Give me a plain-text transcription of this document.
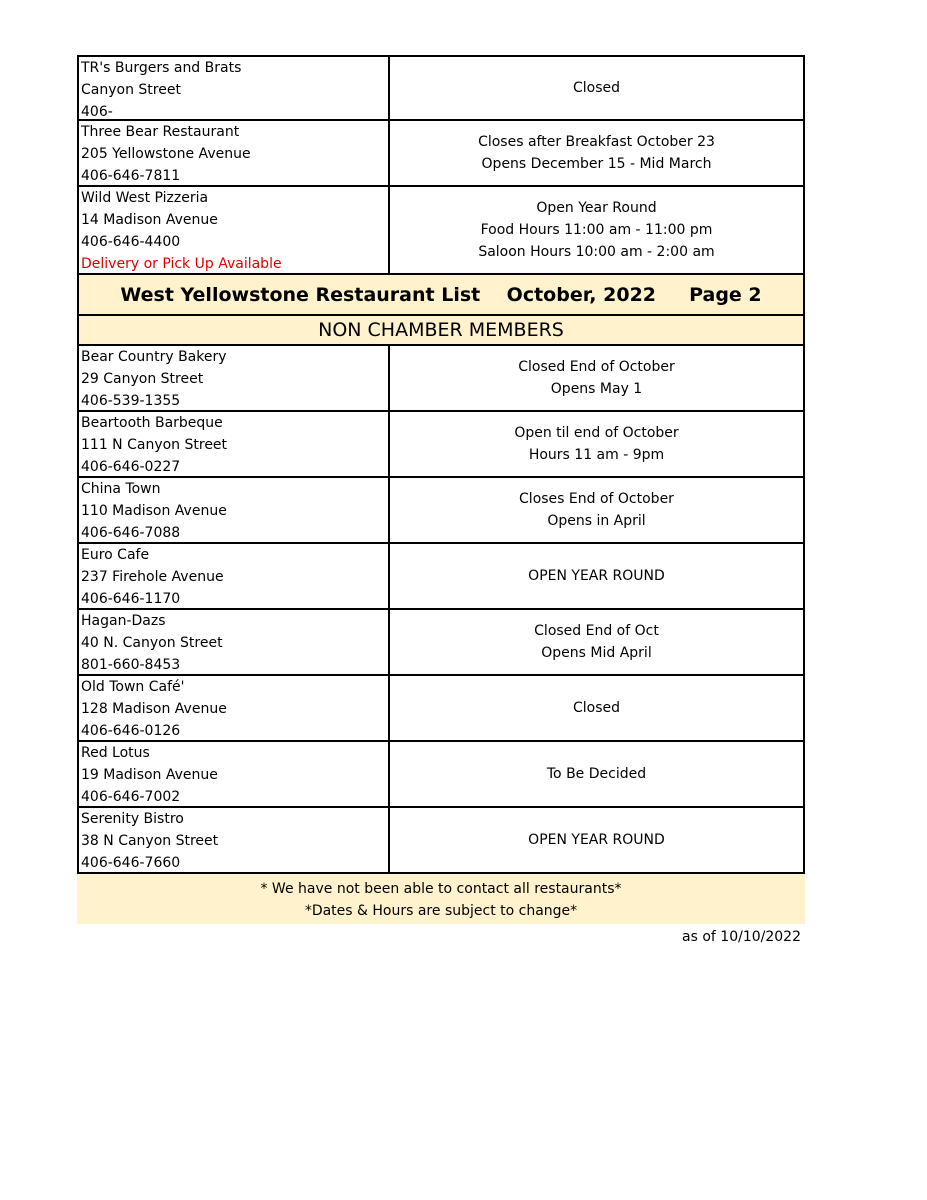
TR's Burgers and Brats
Canyon Street
406-
Closed
Three Bear Restaurant
205 Yellowstone Avenue
406-646-7811
Closes after Breakfast October 23
Opens December 15 - Mid March
Wild West Pizzeria
14 Madison Avenue
406-646-4400
Delivery or Pick Up Available
Open Year Round
Food Hours 11:00 am - 11:00 pm
Saloon Hours 10:00 am - 2:00 am
West Yellowstone Restaurant List    October, 2022     Page 2
NON CHAMBER MEMBERS
Bear Country Bakery
29 Canyon Street
406-539-1355
Closed End of October
Opens May 1
Beartooth Barbeque
111 N Canyon Street
406-646-0227
Open til end of October
Hours 11 am - 9pm
China Town
110 Madison Avenue
406-646-7088
Closes End of October
Opens in April
Euro Cafe
237 Firehole Avenue
406-646-1170
OPEN YEAR ROUND
Hagan-Dazs
40 N. Canyon Street
801-660-8453
Closed End of Oct
Opens Mid April
Old Town Café'
128 Madison Avenue
406-646-0126
Closed
Red Lotus
19 Madison Avenue
406-646-7002
To Be Decided
Serenity Bistro
38 N Canyon Street
406-646-7660
OPEN YEAR ROUND
* We have not been able to contact all restaurants*
*Dates & Hours are subject to change*
as of 10/10/2022
